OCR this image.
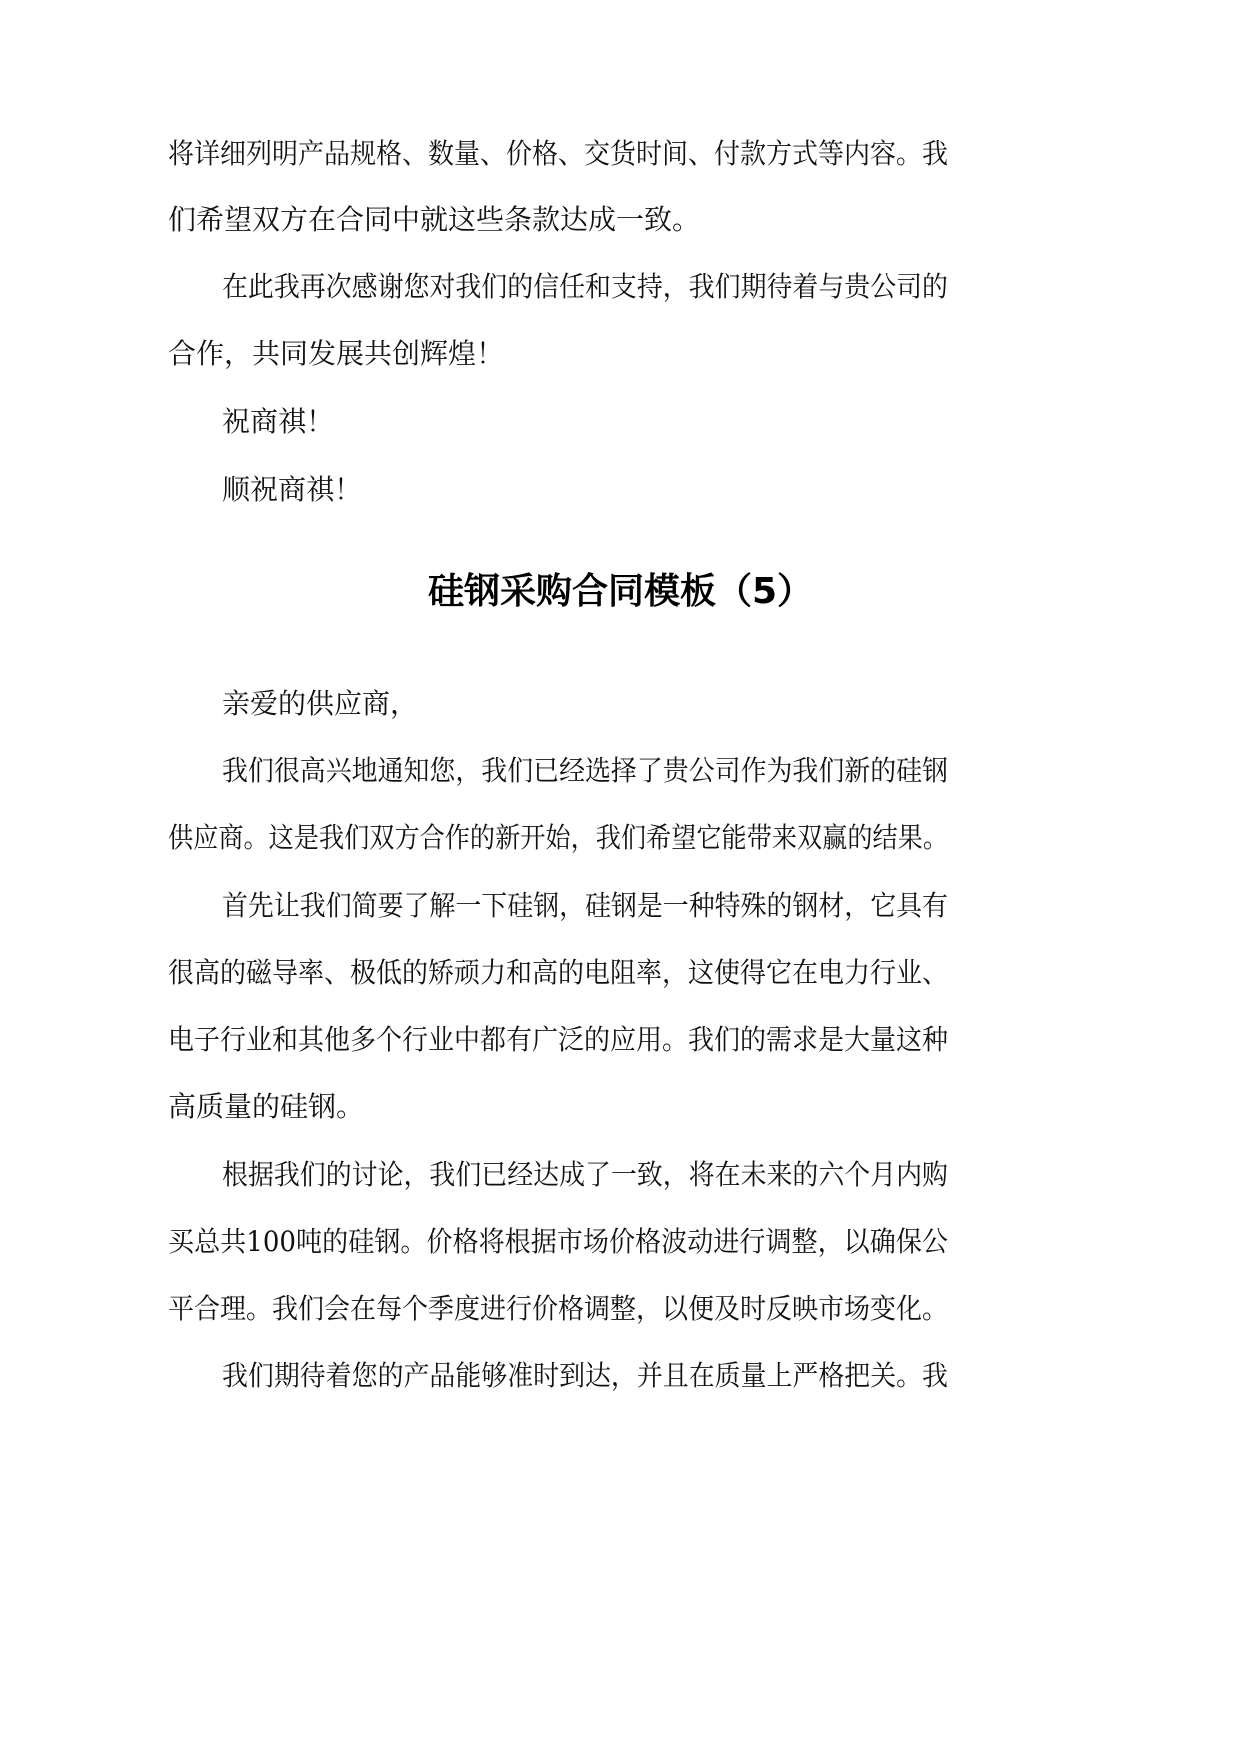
将详细列明产品规格、数量、价格、交货时间、付款方式等内容。我

们希望双方在合同中就这些条款达成一致。

在此我再次感谢您对我们的信任和支持，我们期待着与贵公司的

合作，共同发展共创辉煌！

祝商祺！

顺祝商祺！

硅钢采购合同模板（5）

亲爱的供应商，

我们很高兴地通知您，我们已经选择了贵公司作为我们新的硅钢

供应商。这是我们双方合作的新开始，我们希望它能带来双赢的结果。

首先让我们简要了解一下硅钢，硅钢是一种特殊的钢材，它具有

很高的磁导率、极低的矫顽力和高的电阻率，这使得它在电力行业、

电子行业和其他多个行业中都有广泛的应用。我们的需求是大量这种

高质量的硅钢。

根据我们的讨论，我们已经达成了一致，将在未来的六个月内购

买总共100吨的硅钢。价格将根据市场价格波动进行调整，以确保公

平合理。我们会在每个季度进行价格调整，以便及时反映市场变化。

我们期待着您的产品能够准时到达，并且在质量上严格把关。我
